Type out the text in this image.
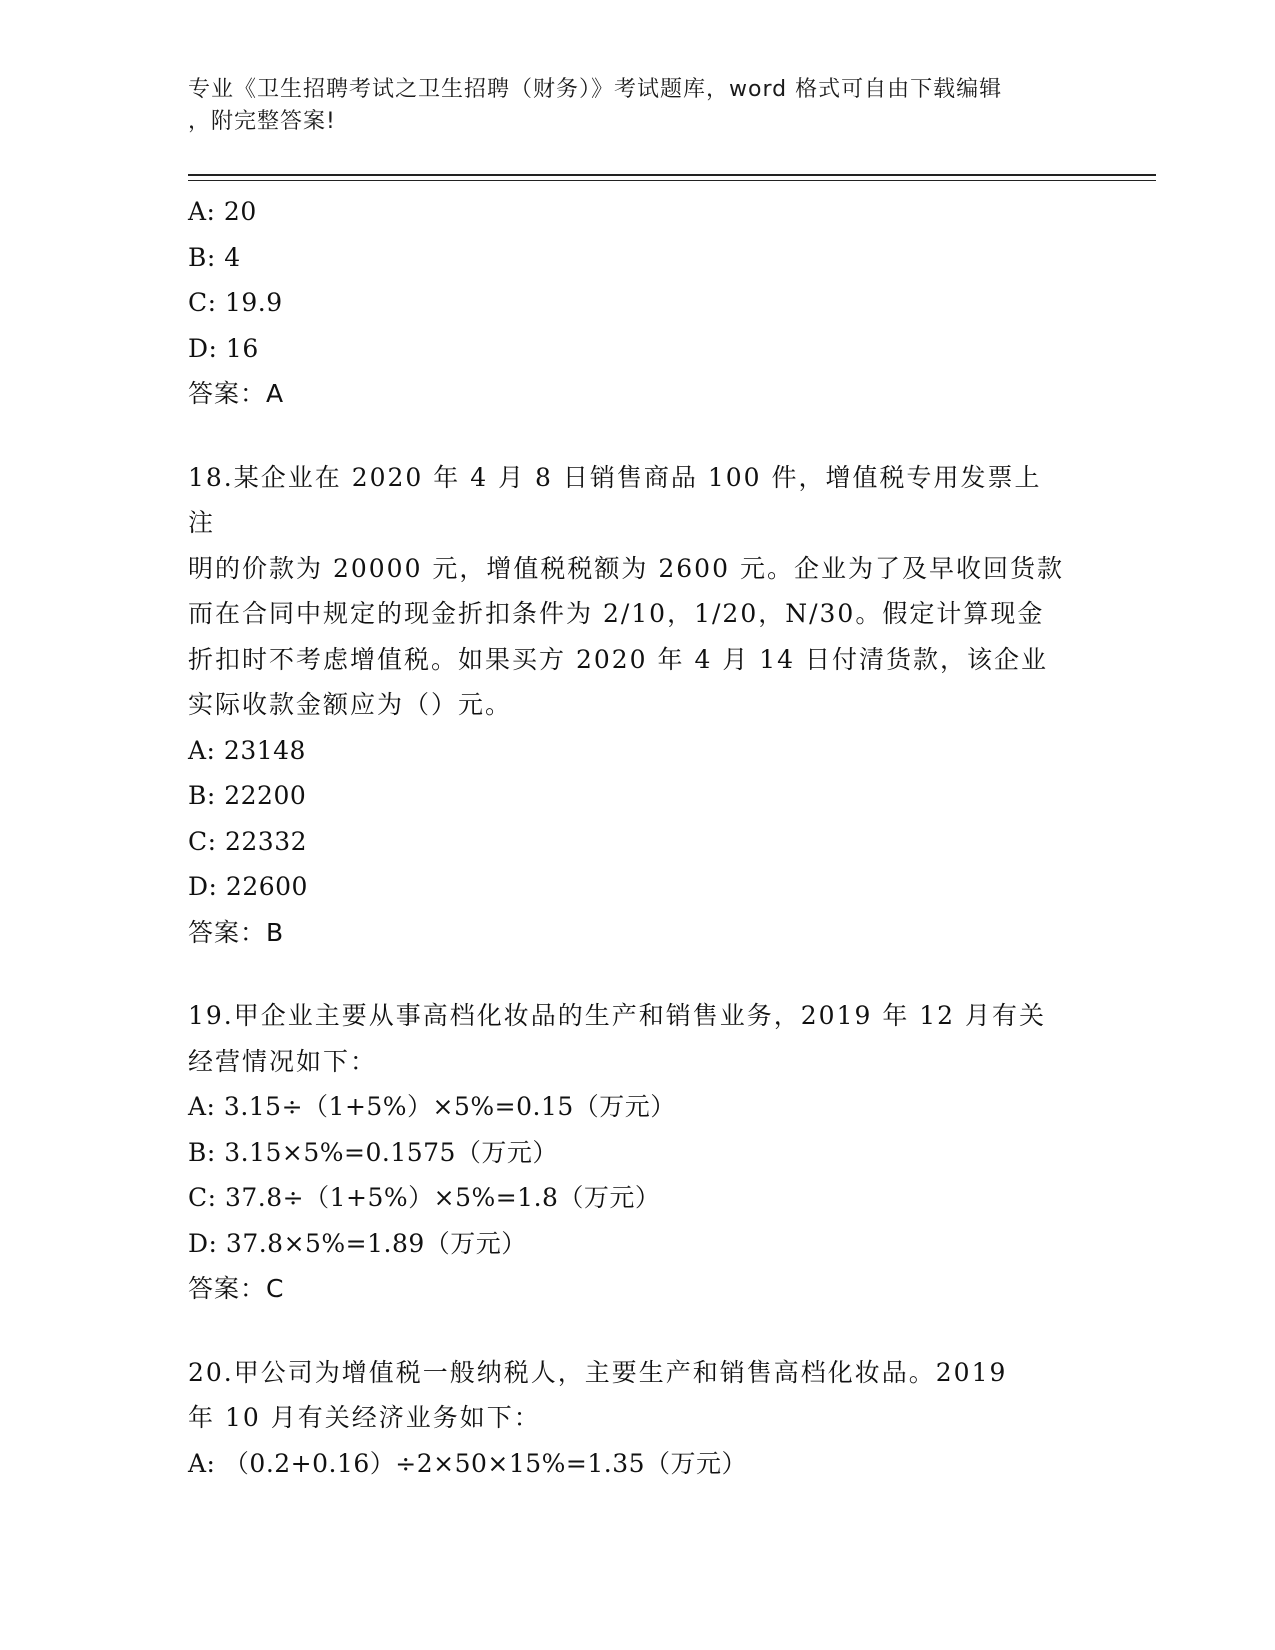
专业《卫生招聘考试之卫生招聘（财务）》考试题库，word 格式可自由下载编辑
，附完整答案!
A: 20
B: 4
C: 19.9
D: 16
答案：A
18.某企业在 2020 年 4 月 8 日销售商品 100 件，增值税专用发票上注
明的价款为 20000 元，增值税税额为 2600 元。企业为了及早收回货款
而在合同中规定的现金折扣条件为 2/10，1/20，N/30。假定计算现金
折扣时不考虑增值税。如果买方 2020 年 4 月 14 日付清货款，该企业
实际收款金额应为（）元。
A: 23148
B: 22200
C: 22332
D: 22600
答案：B
19.甲企业主要从事高档化妆品的生产和销售业务，2019 年 12 月有关
经营情况如下：
A: 3.15÷（1+5%）×5%=0.15（万元）
B: 3.15×5%=0.1575（万元）
C: 37.8÷（1+5%）×5%=1.8（万元）
D: 37.8×5%=1.89（万元）
答案：C
20.甲公司为增值税一般纳税人，主要生产和销售高档化妆品。2019
年 10 月有关经济业务如下：
A: （0.2+0.16）÷2×50×15%=1.35（万元）
